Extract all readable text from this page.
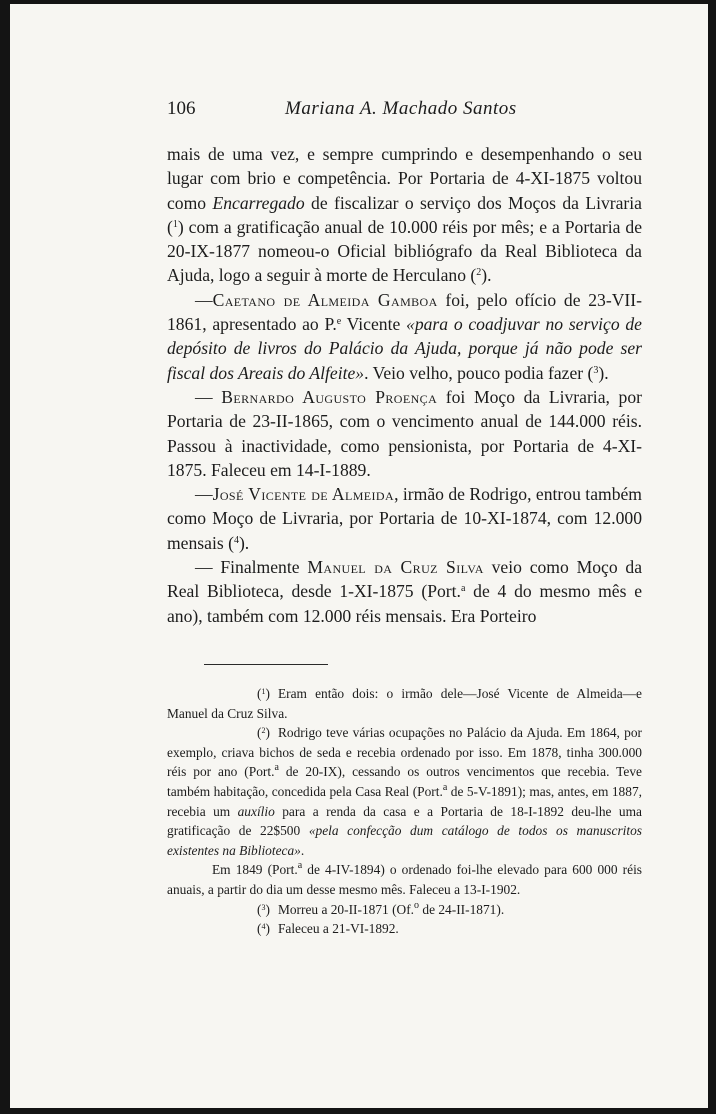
106	Mariana A. Machado Santos

mais de uma vez, e sempre cumprindo e desempenhando o seu lugar com brio e competência. Por Portaria de 4-XI-1875 voltou como Encarregado de fiscalizar o serviço dos Moços da Livraria ($^1$) com a gratificação anual de 10.000 réis por mês; e a Portaria de 20-IX-1877 nomeou-o Oficial bibliógrafo da Real Biblioteca da Ajuda, logo a seguir à morte de Herculano ($^2$).

—Caetano de Almeida Gamboa foi, pelo ofício de 23-VII-1861, apresentado ao P.$^e$ Vicente «para o coadjuvar no serviço de depósito de livros do Palácio da Ajuda, porque já não pode ser fiscal dos Areais do Alfeite». Veio velho, pouco podia fazer ($^3$).

— Bernardo Augusto Proença foi Moço da Livraria, por Portaria de 23-II-1865, com o vencimento anual de 144.000 réis. Passou à inactividade, como pensionista, por Portaria de 4-XI-1875. Faleceu em 14-I-1889.

—José Vicente de Almeida, irmão de Rodrigo, entrou também como Moço de Livraria, por Portaria de 10-XI-1874, com 12.000 mensais ($^4$).

— Finalmente Manuel da Cruz Silva veio como Moço da Real Biblioteca, desde 1-XI-1875 (Port.$^a$ de 4 do mesmo mês e ano), também com 12.000 réis mensais. Era Porteiro

($^1$) Eram então dois: o irmão dele—José Vicente de Almeida—e Manuel da Cruz Silva.

($^2$) Rodrigo teve várias ocupações no Palácio da Ajuda. Em 1864, por exemplo, criava bichos de seda e recebia ordenado por isso. Em 1878, tinha 300.000 réis por ano (Port.$^a$ de 20-IX), cessando os outros vencimentos que recebia. Teve também habitação, concedida pela Casa Real (Port.$^a$ de 5-V-1891); mas, antes, em 1887, recebia um auxílio para a renda da casa e a Portaria de 18-I-1892 deu-lhe uma gratificação de 22$500 «pela confecção dum catálogo de todos os manuscritos existentes na Biblioteca».

Em 1849 (Port.$^a$ de 4-IV-1894) o ordenado foi-lhe elevado para 600 000 réis anuais, a partir do dia um desse mesmo mês. Faleceu a 13-I-1902.

($^3$) Morreu a 20-II-1871 (Of.$^o$ de 24-II-1871).

($^4$) Faleceu a 21-VI-1892.
